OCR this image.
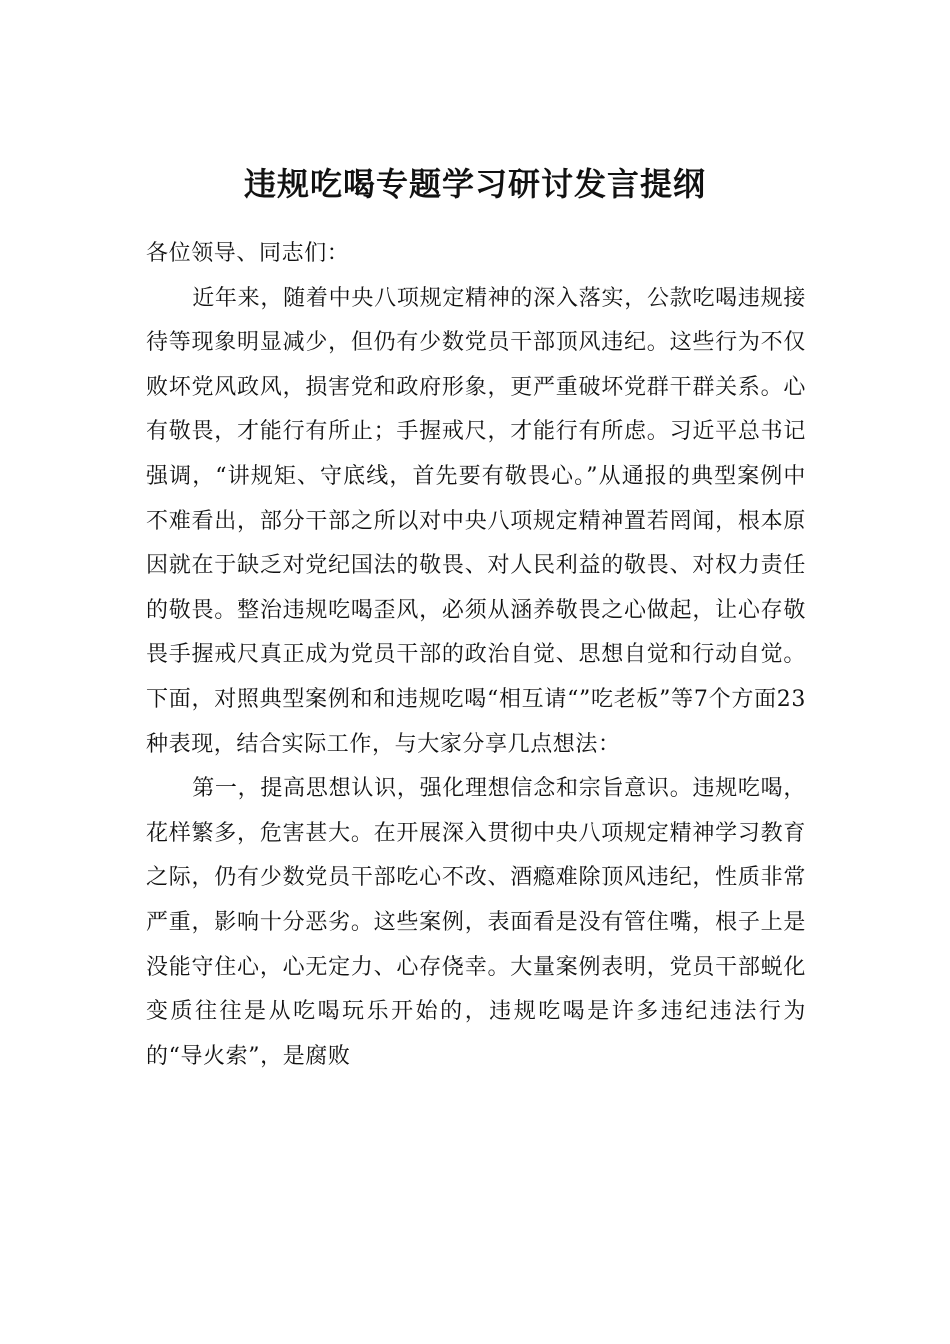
违规吃喝专题学习研讨发言提纲

各位领导、同志们：

近年来，随着中央八项规定精神的深入落实，公款吃喝违规接待等现象明显减少，但仍有少数党员干部顶风违纪。这些行为不仅败坏党风政风，损害党和政府形象，更严重破坏党群干群关系。心有敬畏，才能行有所止；手握戒尺，才能行有所虑。习近平总书记强调，“讲规矩、守底线，首先要有敬畏心。”从通报的典型案例中不难看出，部分干部之所以对中央八项规定精神置若罔闻，根本原因就在于缺乏对党纪国法的敬畏、对人民利益的敬畏、对权力责任的敬畏。整治违规吃喝歪风，必须从涵养敬畏之心做起，让心存敬畏手握戒尺真正成为党员干部的政治自觉、思想自觉和行动自觉。下面，对照典型案例和和违规吃喝“相互请“”吃老板”等7个方面23种表现，结合实际工作，与大家分享几点想法：

第一，提高思想认识，强化理想信念和宗旨意识。违规吃喝，花样繁多，危害甚大。在开展深入贯彻中央八项规定精神学习教育之际，仍有少数党员干部吃心不改、酒瘾难除顶风违纪，性质非常严重，影响十分恶劣。这些案例，表面看是没有管住嘴，根子上是没能守住心，心无定力、心存侥幸。大量案例表明，党员干部蜕化变质往往是从吃喝玩乐开始的，违规吃喝是许多违纪违法行为的“导火索”，是腐败
